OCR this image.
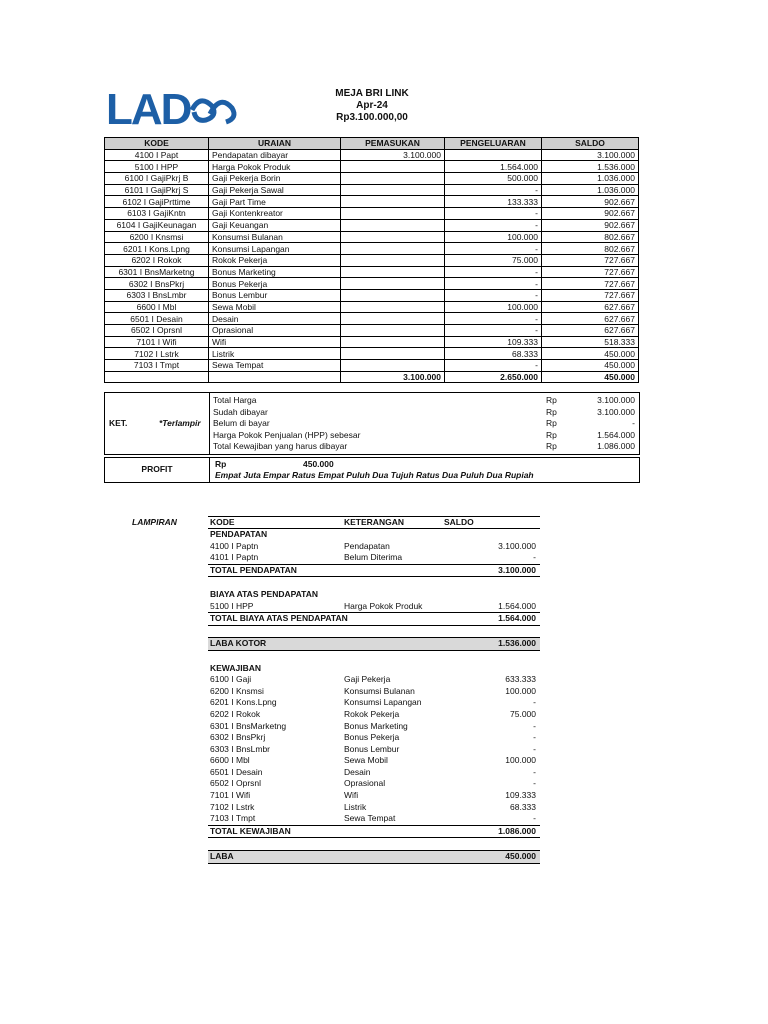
LAD	MEJA BRI LINK
Apr-24
Rp3.100.000,00
KODE	URAIAN	PEMASUKAN	PENGELUARAN	SALDO
4100 I Papt	Pendapatan dibayar	3.100.000		3.100.000
5100 I HPP	Harga Pokok Produk		1.564.000	1.536.000
6100 I GajiPkrj B	Gaji Pekerja Borin		500.000	1.036.000
6101 I GajiPkrj S	Gaji Pekerja Sawal		-	1.036.000
6102 I GajiPrttime	Gaji Part Time		133.333	902.667
6103 I GajiKntn	Gaji Kontenkreator		-	902.667
6104 I GajiKeunagan	Gaji Keuangan		-	902.667
6200 I Knsmsi	Konsumsi Bulanan		100.000	802.667
6201 I Kons.Lpng	Konsumsi Lapangan		-	802.667
6202 I Rokok	Rokok Pekerja		75.000	727.667
6301 I BnsMarketng	Bonus Marketing		-	727.667
6302 I BnsPkrj	Bonus Pekerja		-	727.667
6303 I BnsLmbr	Bonus Lembur		-	727.667
6600 I Mbl	Sewa Mobil		100.000	627.667
6501 I Desain	Desain		-	627.667
6502 I Oprsnl	Oprasional		-	627.667
7101 I Wifi	Wifi		109.333	518.333
7102 I Lstrk	Listrik		68.333	450.000
7103 I Tmpt	Sewa Tempat		-	450.000
		3.100.000	2.650.000	450.000
KET.	*Terlampir
Total Harga	Rp	3.100.000
Sudah dibayar	Rp	3.100.000
Belum di bayar	Rp	-
Harga Pokok Penjualan (HPP) sebesar	Rp	1.564.000
Total Kewajiban yang harus dibayar	Rp	1.086.000
PROFIT	Rp	450.000
Empat Juta Empar Ratus Empat Puluh Dua Tujuh Ratus Dua Puluh Dua Rupiah
LAMPIRAN	KODE	KETERANGAN	SALDO
PENDAPATAN
4100 I Paptn	Pendapatan	3.100.000
4101 I Paptn	Belum Diterima	-
TOTAL PENDAPATAN	3.100.000
BIAYA ATAS PENDAPATAN
5100 I HPP	Harga Pokok Produk	1.564.000
TOTAL BIAYA ATAS PENDAPATAN	1.564.000
LABA KOTOR	1.536.000
KEWAJIBAN
6100 I Gaji	Gaji Pekerja	633.333
6200 I Knsmsi	Konsumsi Bulanan	100.000
6201 I Kons.Lpng	Konsumsi Lapangan	-
6202 I Rokok	Rokok Pekerja	75.000
6301 I BnsMarketng	Bonus Marketing	-
6302 I BnsPkrj	Bonus Pekerja	-
6303 I BnsLmbr	Bonus Lembur	-
6600 I Mbl	Sewa Mobil	100.000
6501 I Desain	Desain	-
6502 I Oprsnl	Oprasional	-
7101 I Wifi	Wifi	109.333
7102 I Lstrk	Listrik	68.333
7103 I Tmpt	Sewa Tempat	-
TOTAL KEWAJIBAN	1.086.000
LABA	450.000
